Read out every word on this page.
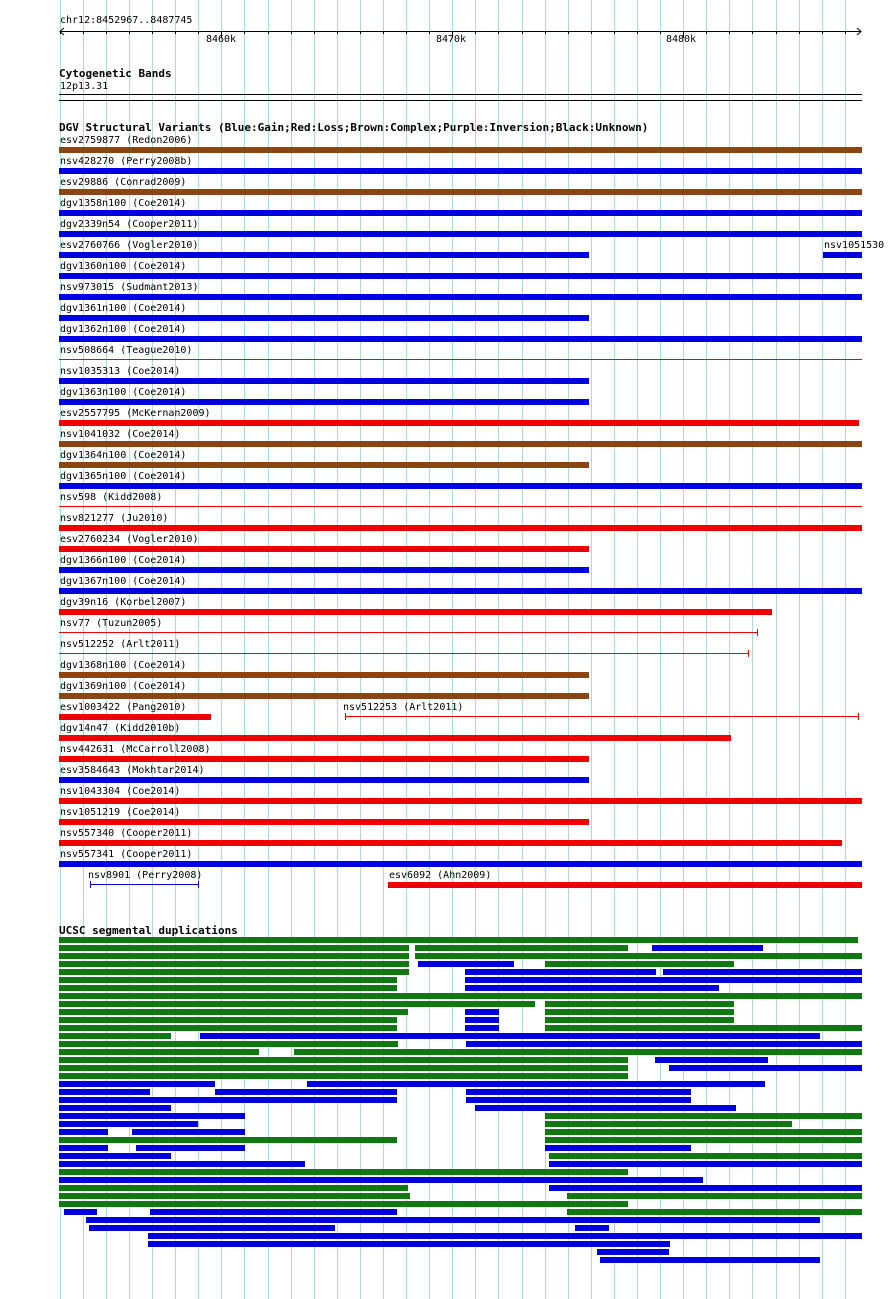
chr12:8452967..8487745
8460k	8470k	8480k
Cytogenetic Bands
12p13.31
DGV Structural Variants (Blue:Gain;Red:Loss;Brown:Complex;Purple:Inversion;Black:Unknown)
esv2759877 (Redon2006)
nsv428270 (Perry2008b)
esv29886 (Conrad2009)
dgv1358n100 (Coe2014)
dgv2339n54 (Cooper2011)
esv2760766 (Vogler2010)	nsv1051530
dgv1360n100 (Coe2014)
nsv973015 (Sudmant2013)
dgv1361n100 (Coe2014)
dgv1362n100 (Coe2014)
nsv508664 (Teague2010)
nsv1035313 (Coe2014)
dgv1363n100 (Coe2014)
esv2557795 (McKernan2009)
nsv1041032 (Coe2014)
dgv1364n100 (Coe2014)
dgv1365n100 (Coe2014)
nsv598 (Kidd2008)
nsv821277 (Ju2010)
esv2760234 (Vogler2010)
dgv1366n100 (Coe2014)
dgv1367n100 (Coe2014)
dgv39n16 (Korbel2007)
nsv77 (Tuzun2005)
nsv512252 (Arlt2011)
dgv1368n100 (Coe2014)
dgv1369n100 (Coe2014)
esv1003422 (Pang2010)	nsv512253 (Arlt2011)
dgv14n47 (Kidd2010b)
nsv442631 (McCarroll2008)
esv3584643 (Mokhtar2014)
nsv1043304 (Coe2014)
nsv1051219 (Coe2014)
nsv557340 (Cooper2011)
nsv557341 (Cooper2011)
nsv8901 (Perry2008)	esv6092 (Ahn2009)
UCSC segmental duplications
